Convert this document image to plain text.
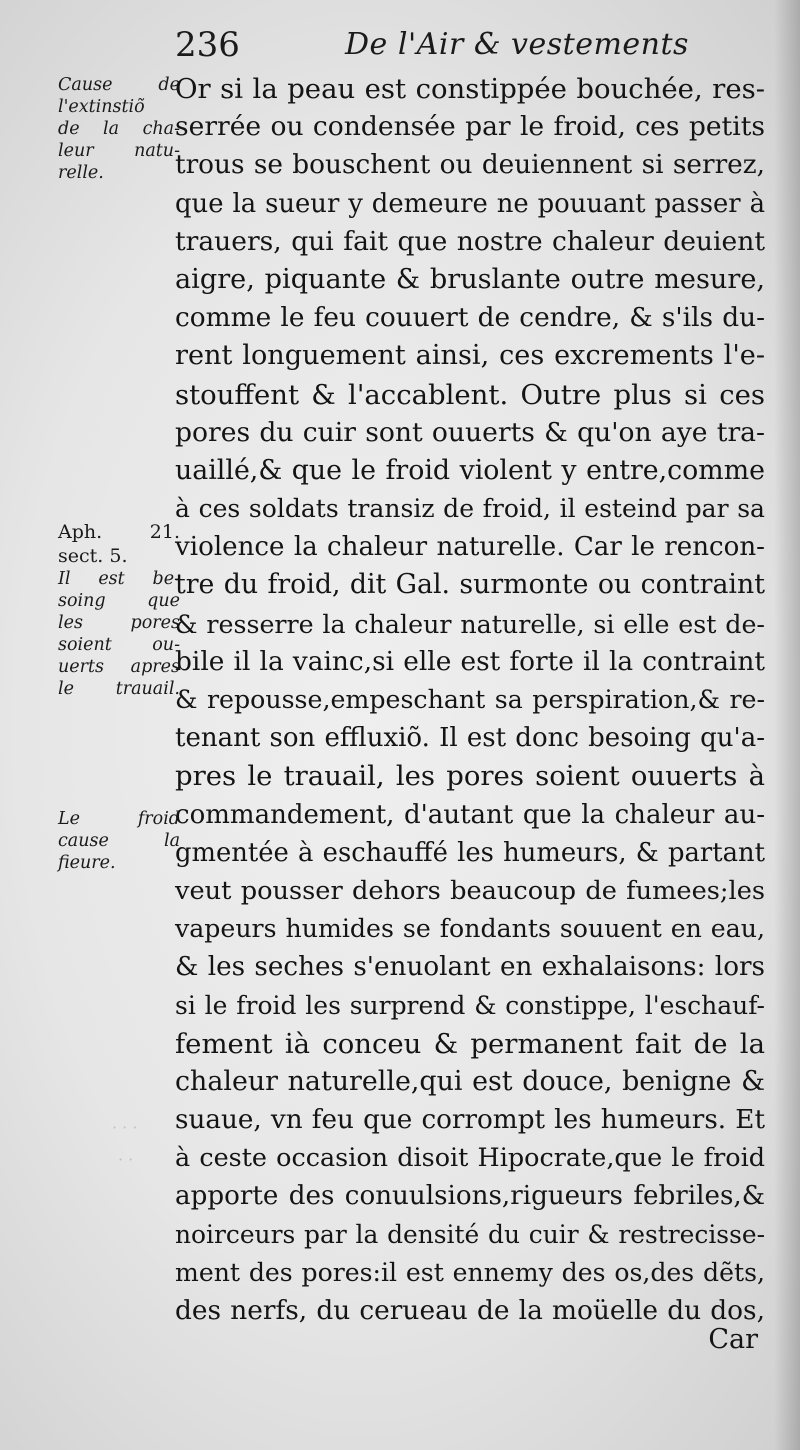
· · ·
· ·
236	De l'Air & vestements
Cause de
l'extinstiõ
de la cha-
leur natu-
relle.
Aph. 21.
sect. 5.
Il est be-
soing que
les pores
soient ou-
uerts apres
le trauail.
Le froid
cause la
fieure.
Or si la peau est constippée bouchée, res-
serrée ou condensée par le froid, ces petits
trous se bouschent ou deuiennent si serrez,
que la sueur y demeure ne pouuant passer à
trauers, qui fait que nostre chaleur deuient
aigre, piquante & bruslante outre mesure,
comme le feu couuert de cendre, & s'ils du-
rent longuement ainsi, ces excrements l'e-
stouffent & l'accablent. Outre plus si ces
pores du cuir sont ouuerts & qu'on aye tra-
uaillé,& que le froid violent y entre,comme
à ces soldats transiz de froid, il esteind par sa
violence la chaleur naturelle. Car le rencon-
tre du froid, dit Gal. surmonte ou contraint
& resserre la chaleur naturelle, si elle est de-
bile il la vainc,si elle est forte il la contraint
& repousse,empeschant sa perspiration,& re-
tenant son effluxiõ. Il est donc besoing qu'a-
pres le trauail, les pores soient ouuerts à
commandement, d'autant que la chaleur au-
gmentée à eschauffé les humeurs, & partant
veut pousser dehors beaucoup de fumees;les
vapeurs humides se fondants souuent en eau,
& les seches s'enuolant en exhalaisons: lors
si le froid les surprend & constippe, l'eschauf-
fement ià conceu & permanent fait de la
chaleur naturelle,qui est douce, benigne &
suaue, vn feu que corrompt les humeurs. Et
à ceste occasion disoit Hipocrate,que le froid
apporte des conuulsions,rigueurs febriles,&
noirceurs par la densité du cuir & restrecisse-
ment des pores:il est ennemy des os,des dẽts,
des nerfs, du cerueau de la moüelle du dos,
Car
